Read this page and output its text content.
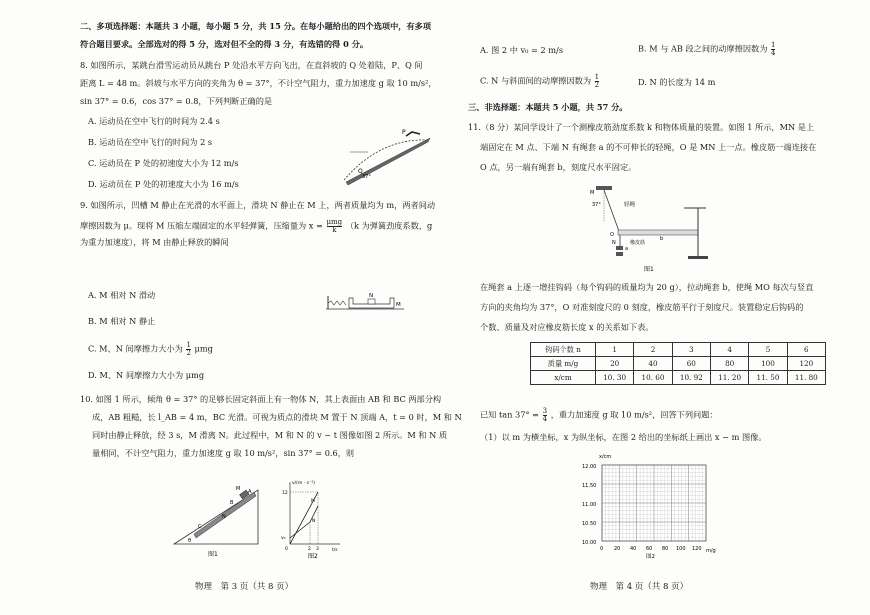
二、多项选择题：本题共 3 小题，每小题 5 分，共 15 分。在每小题给出的四个选项中，有多项
符合题目要求。全部选对的得 5 分，选对但不全的得 3 分，有选错的得 0 分。
8. 如图所示，某跳台滑雪运动员从跳台 P 处沿水平方向飞出，在直斜坡的 Q 处着陆，P、Q 间
距离 L = 48 m。斜坡与水平方向的夹角为 θ = 37°，不计空气阻力，重力加速度 g 取 10 m/s²，
sin 37° = 0.6，cos 37° = 0.8，下列判断正确的是
A. 运动员在空中飞行的时间为 2.4 s
B. 运动员在空中飞行的时间为 2 s
C. 运动员在 P 处的初速度大小为 12 m/s
D. 运动员在 P 处的初速度大小为 16 m/s
Q
P
37°
9. 如图所示，凹槽 M 静止在光滑的水平面上，滑块 N 静止在 M 上，两者质量均为 m，两者间动
摩擦因数为 μ。现将 M 压缩左端固定的水平轻弹簧，压缩量为 $x = \frac{\text{μmg}}{k} (k$ 为弹簧劲度系数，g
为重力加速度），将 M 由静止释放的瞬间
A. M 相对 N 滑动
B. M 相对 N 静止
C. M、N 间摩擦力大小为 $\frac{1}{2}$ μmg
D. M、N 间摩擦力大小为 μmg
N
M
10. 如图 1 所示，倾角 θ = 37° 的足够长固定斜面上有一物体 N，其上表面由 AB 和 BC 两部分构
成，AB 粗糙，长 l_AB = 4 m，BC 光滑。可视为质点的滑块 M 置于 N 顶端 A，t = 0 时，M 和 N
同时由静止释放，经 3 s，M 滑离 N。此过程中，M 和 N 的 v − t 图像如图 2 所示。M 和 N 质
量相同，不计空气阻力，重力加速度 g 取 10 m/s²，sin 37° = 0.6，则
A
B
C
M
N
θ
图1
v/(m · s⁻¹)
t/s
12
0
v₀
2 3
M
N
图2
物理　第 3 页（共 8 页）
A. 图 2 中 v₀ = 2 m/s	B. M 与 AB 段之间的动摩擦因数为 $\frac{1}{4}$
C. N 与斜面间的动摩擦因数为 $\frac{1}{2}$	D. N 的长度为 14 m
三、非选择题：本题共 5 小题，共 57 分。
11.（8 分）某同学设计了一个测橡皮筋劲度系数 k 和物体质量的装置。如图 1 所示，MN 是上
端固定在 M 点、下端 N 有绳套 a 的不可伸长的轻绳，O 是 MN 上一点。橡皮筋一端连接在
O 点，另一端有绳套 b，刻度尺水平固定。
M
37°	轻绳
O
橡皮筋
b
N
a
图1
在绳套 a 上逐一增挂钩码（每个钩码的质量均为 20 g），拉动绳套 b，使绳 MO 每次与竖直
方向的夹角均为 37°，O 对准刻度尺的 0 刻度，橡皮筋平行于刻度尺。装置稳定后钩码的
个数、质量及对应橡皮筋长度 x 的关系如下表。
钩码个数 n	1	2	3	4	5	6
质量 m/g	20	40	60	80	100	120
x/cm	10. 30	10. 60	10. 92	11. 20	11. 50	11. 80
已知 $\tan 37^\circ = \frac{3}{4}$ ，重力加速度 g 取 10 m/s²，回答下列问题：
（1）以 m 为横坐标，x 为纵坐标，在图 2 给出的坐标纸上画出 x − m 图像。
x/cm
m/g
12.00
11.50
11.00
10.50
10.00
0 20 40 60 80 100 120
图2
物理　第 4 页（共 8 页）
